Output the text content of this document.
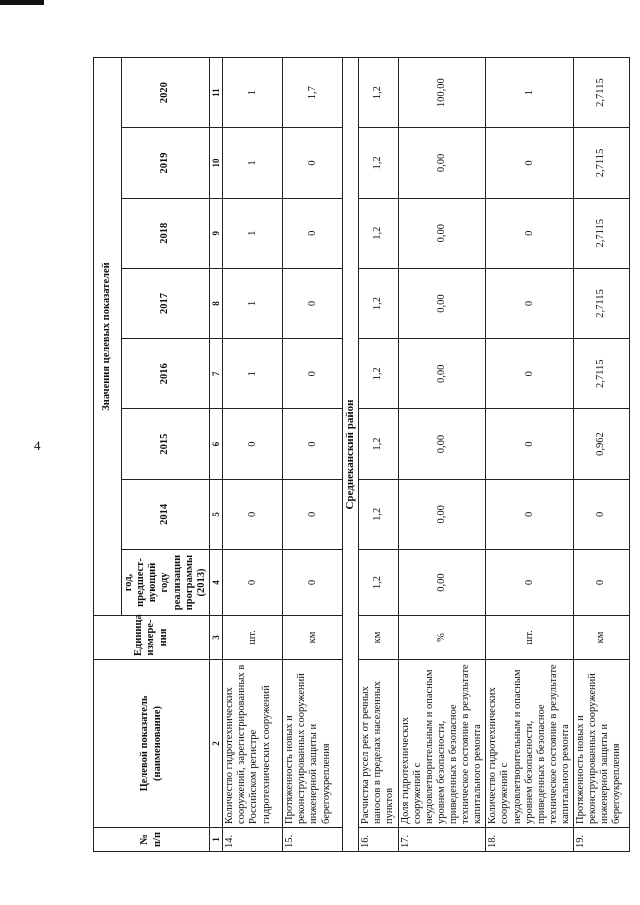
4
№ п/п	Целевой показатель (наименование)	Единица измере-ния	Значения целевых показателей							
			год, предшест-вующий году реализации программы (2013)	2014	2015	2016	2017	2018	2019	2020
1	2	3	4	5	6	7	8	9	10	11
14.	Количество гидротехнических сооружений, зарегистрированных в Российском регистре гидротехнических сооружений	шт.	0	0	0	1	1	1	1	1
15.	Протяженность новых и реконструированных сооружений инженерной защиты и берегоукрепления	км	0	0	0	0	0	0	0	1,7
Среднеканский район										
16.	Расчистка русел рек от речных наносов в пределах населенных пунктов	км	1,2	1,2	1,2	1,2	1,2	1,2	1,2	1,2
17.	Доля гидротехнических сооружений с неудовлетворительным и опасным уровнем безопасности, приведенных в безопасное техническое состояние в результате капитального ремонта	%	0,00	0,00	0,00	0,00	0,00	0,00	0,00	100,00
18.	Количество гидротехнических сооружений с неудовлетворительным и опасным уровнем безопасности, приведенных в безопасное техническое состояние в результате капитального ремонта	шт.	0	0	0	0	0	0	0	1
19.	Протяженность новых и реконструированных сооружений инженерной защиты и берегоукрепления	км	0	0	0,962	2,7115	2,7115	2,7115	2,7115	2,7115
